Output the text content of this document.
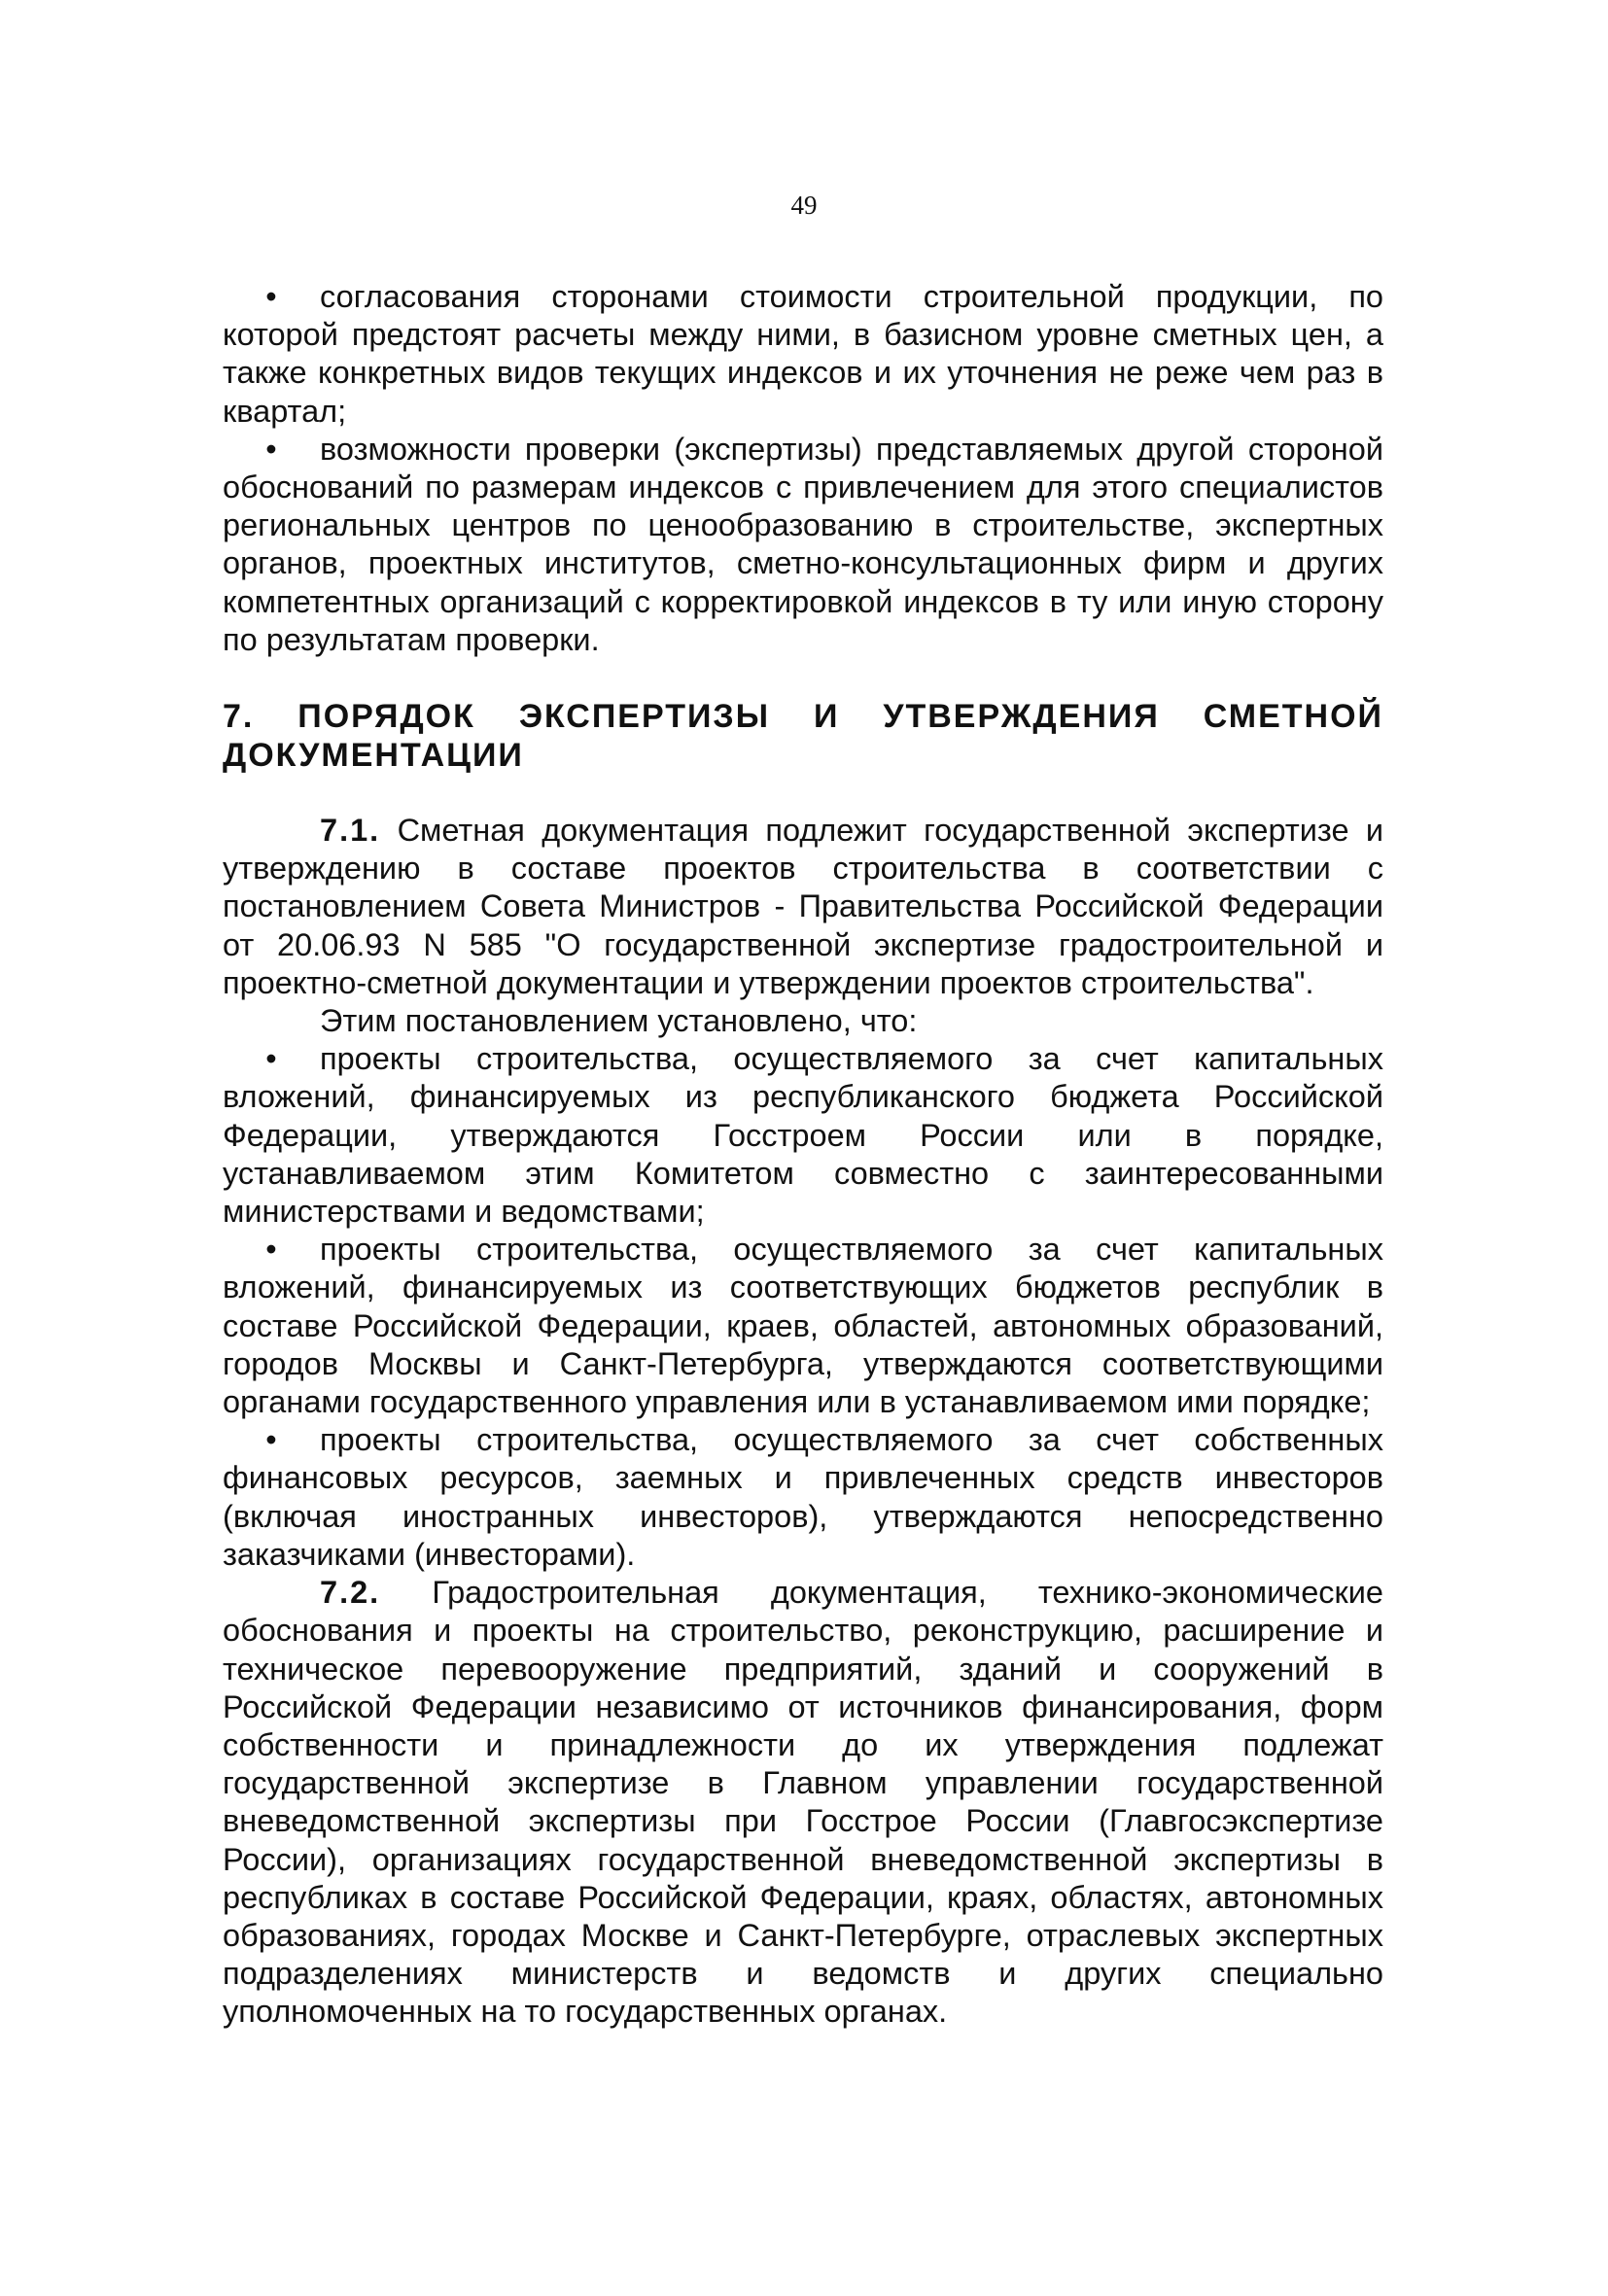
49

•согласования сторонами стоимости строительной продукции, по которой предстоят расчеты между ними, в базисном уровне сметных цен, а также конкретных видов текущих индексов и их уточнения не реже чем раз в квартал;

•возможности проверки (экспертизы) представляемых другой стороной обоснований по размерам индексов с привлечением для этого специалистов региональных центров по ценообразованию в строительстве, экспертных органов, проектных институтов, сметно-консультационных фирм и других компетентных организаций с корректировкой индексов в ту или иную сторону по результатам проверки.

7. ПОРЯДОК ЭКСПЕРТИЗЫ И УТВЕРЖДЕНИЯ СМЕТНОЙ
ДОКУМЕНТАЦИИ

7.1. Сметная документация подлежит государственной экспертизе и утверждению в составе проектов строительства в соответствии с постановлением Совета Министров - Правительства Российской Федерации от 20.06.93 N 585 "О государственной экспертизе градостроительной и проектно-сметной документации и утверждении проектов строительства".

Этим постановлением установлено, что:

•проекты строительства, осуществляемого за счет капитальных вложений, финансируемых из республиканского бюджета Российской Федерации, утверждаются Госстроем России или в порядке, устанавливаемом этим Комитетом совместно с заинтересованными министерствами и ведомствами;

•проекты строительства, осуществляемого за счет капитальных вложений, финансируемых из соответствующих бюджетов республик в составе Российской Федерации, краев, областей, автономных образований, городов Москвы и Санкт-Петербурга, утверждаются соответствующими органами государственного управления или в устанавливаемом ими порядке;

•проекты строительства, осуществляемого за счет собственных финансовых ресурсов, заемных и привлеченных средств инвесторов (включая иностранных инвесторов), утверждаются непосредственно заказчиками (инвесторами).

7.2. Градостроительная документация, технико-экономические обоснования и проекты на строительство, реконструкцию, расширение и техническое перевооружение предприятий, зданий и сооружений в Российской Федерации независимо от источников финансирования, форм собственности и принадлежности до их утверждения подлежат государственной экспертизе в Главном управлении государственной вневедомственной экспертизы при Госстрое России (Главгосэкспертизе России), организациях государственной вневедомственной экспертизы в республиках в составе Российской Федерации, краях, областях, автономных образованиях, городах Москве и Санкт-Петербурге, отраслевых экспертных подразделениях министерств и ведомств и других специально уполномоченных на то государственных органах.
